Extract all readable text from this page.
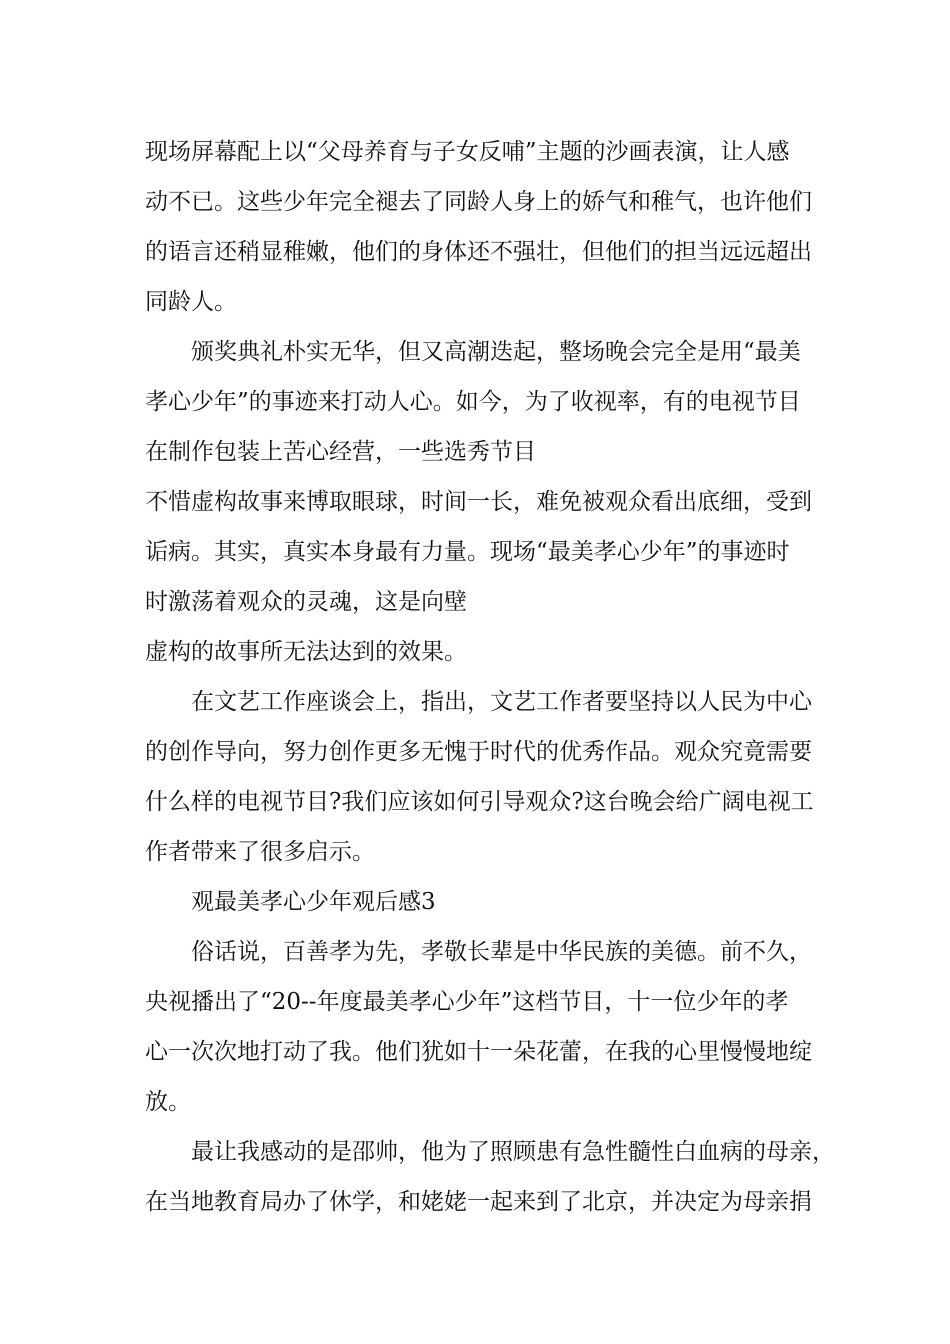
现场屏幕配上以“父母养育与子女反哺”主题的沙画表演，让人感

动不已。这些少年完全褪去了同龄人身上的娇气和稚气，也许他们

的语言还稍显稚嫩，他们的身体还不强壮，但他们的担当远远超出

同龄人。

颁奖典礼朴实无华，但又高潮迭起，整场晚会完全是用“最美

孝心少年”的事迹来打动人心。如今，为了收视率，有的电视节目

在制作包装上苦心经营，一些选秀节目

不惜虚构故事来博取眼球，时间一长，难免被观众看出底细，受到

诟病。其实，真实本身最有力量。现场“最美孝心少年”的事迹时

时激荡着观众的灵魂，这是向壁

虚构的故事所无法达到的效果。

在文艺工作座谈会上，指出，文艺工作者要坚持以人民为中心

的创作导向，努力创作更多无愧于时代的优秀作品。观众究竟需要

什么样的电视节目?我们应该如何引导观众?这台晚会给广阔电视工

作者带来了很多启示。

观最美孝心少年观后感3

俗话说，百善孝为先，孝敬长辈是中华民族的美德。前不久，

央视播出了“20--年度最美孝心少年”这档节目，十一位少年的孝

心一次次地打动了我。他们犹如十一朵花蕾，在我的心里慢慢地绽

放。

最让我感动的是邵帅，他为了照顾患有急性髓性白血病的母亲，

在当地教育局办了休学，和姥姥一起来到了北京，并决定为母亲捐
